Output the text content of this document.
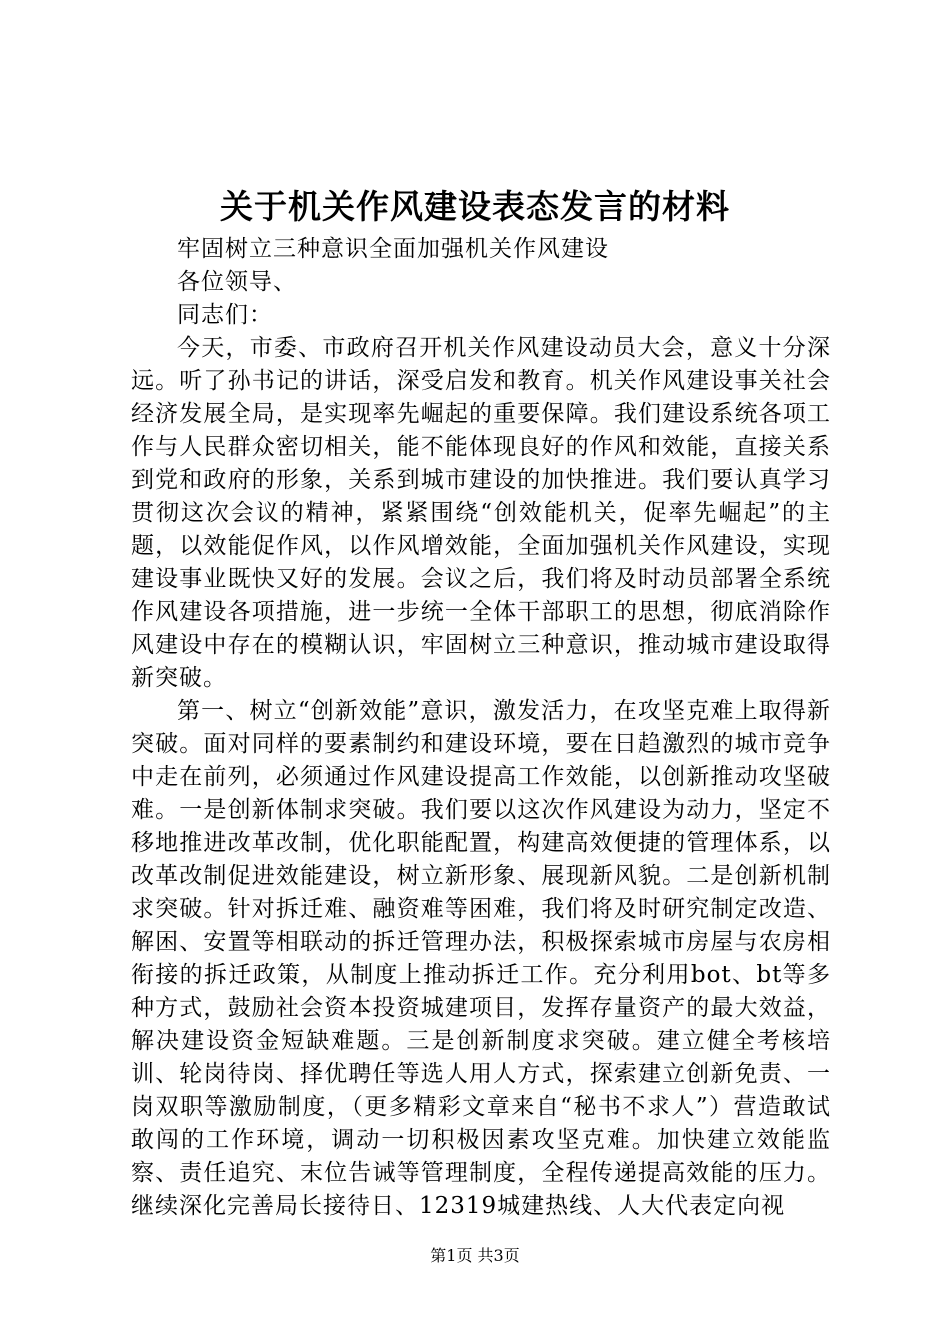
关于机关作风建设表态发言的材料

牢固树立三种意识全面加强机关作风建设

各位领导、

同志们：

今天，市委、市政府召开机关作风建设动员大会，意义十分深远。听了孙书记的讲话，深受启发和教育。机关作风建设事关社会经济发展全局，是实现率先崛起的重要保障。我们建设系统各项工作与人民群众密切相关，能不能体现良好的作风和效能，直接关系到党和政府的形象，关系到城市建设的加快推进。我们要认真学习贯彻这次会议的精神，紧紧围绕“创效能机关，促率先崛起”的主题，以效能促作风，以作风增效能，全面加强机关作风建设，实现建设事业既快又好的发展。会议之后，我们将及时动员部署全系统作风建设各项措施，进一步统一全体干部职工的思想，彻底消除作风建设中存在的模糊认识，牢固树立三种意识，推动城市建设取得新突破。

第一、树立“创新效能”意识，激发活力，在攻坚克难上取得新突破。面对同样的要素制约和建设环境，要在日趋激烈的城市竞争中走在前列，必须通过作风建设提高工作效能，以创新推动攻坚破难。一是创新体制求突破。我们要以这次作风建设为动力，坚定不移地推进改革改制，优化职能配置，构建高效便捷的管理体系，以改革改制促进效能建设，树立新形象、展现新风貌。二是创新机制求突破。针对拆迁难、融资难等困难，我们将及时研究制定改造、解困、安置等相联动的拆迁管理办法，积极探索城市房屋与农房相衔接的拆迁政策，从制度上推动拆迁工作。充分利用bot、bt等多种方式，鼓励社会资本投资城建项目，发挥存量资产的最大效益，解决建设资金短缺难题。三是创新制度求突破。建立健全考核培训、轮岗待岗、择优聘任等选人用人方式，探索建立创新免责、一岗双职等激励制度，（更多精彩文章来自“秘书不求人”）营造敢试敢闯的工作环境，调动一切积极因素攻坚克难。加快建立效能监察、责任追究、末位告诫等管理制度，全程传递提高效能的压力。继续深化完善局长接待日、12319城建热线、人大代表定向视

第1页 共3页
